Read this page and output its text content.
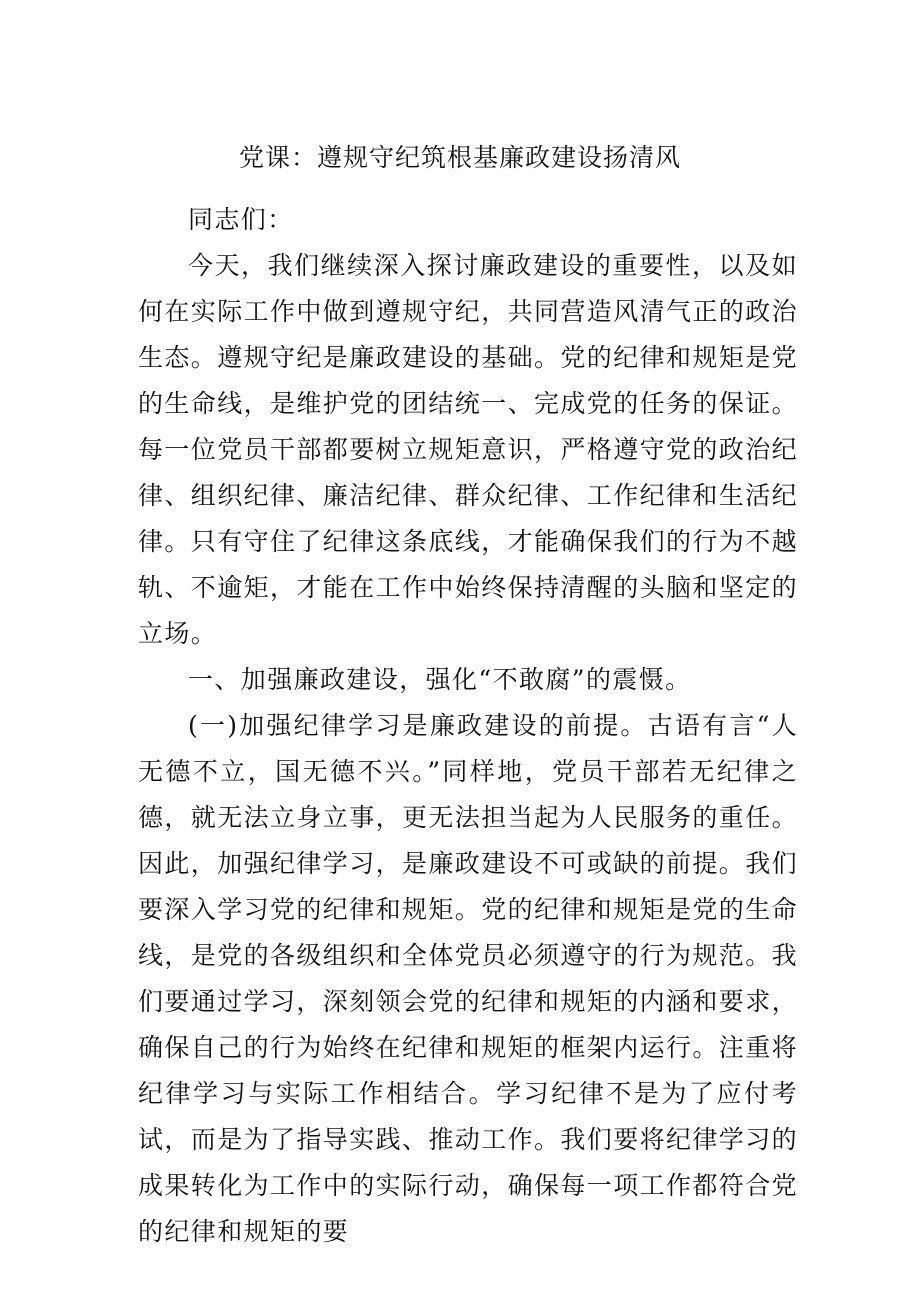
党课：遵规守纪筑根基廉政建设扬清风

同志们：

今天，我们继续深入探讨廉政建设的重要性，以及如何在实际工作中做到遵规守纪，共同营造风清气正的政治生态。遵规守纪是廉政建设的基础。党的纪律和规矩是党的生命线，是维护党的团结统一、完成党的任务的保证。每一位党员干部都要树立规矩意识，严格遵守党的政治纪律、组织纪律、廉洁纪律、群众纪律、工作纪律和生活纪律。只有守住了纪律这条底线，才能确保我们的行为不越轨、不逾矩，才能在工作中始终保持清醒的头脑和坚定的立场。

一、加强廉政建设，强化“不敢腐”的震慑。

(一)加强纪律学习是廉政建设的前提。古语有言“人无德不立，国无德不兴。”同样地，党员干部若无纪律之德，就无法立身立事，更无法担当起为人民服务的重任。因此，加强纪律学习，是廉政建设不可或缺的前提。我们要深入学习党的纪律和规矩。党的纪律和规矩是党的生命线，是党的各级组织和全体党员必须遵守的行为规范。我们要通过学习，深刻领会党的纪律和规矩的内涵和要求，确保自己的行为始终在纪律和规矩的框架内运行。注重将纪律学习与实际工作相结合。学习纪律不是为了应付考试，而是为了指导实践、推动工作。我们要将纪律学习的成果转化为工作中的实际行动，确保每一项工作都符合党的纪律和规矩的要
